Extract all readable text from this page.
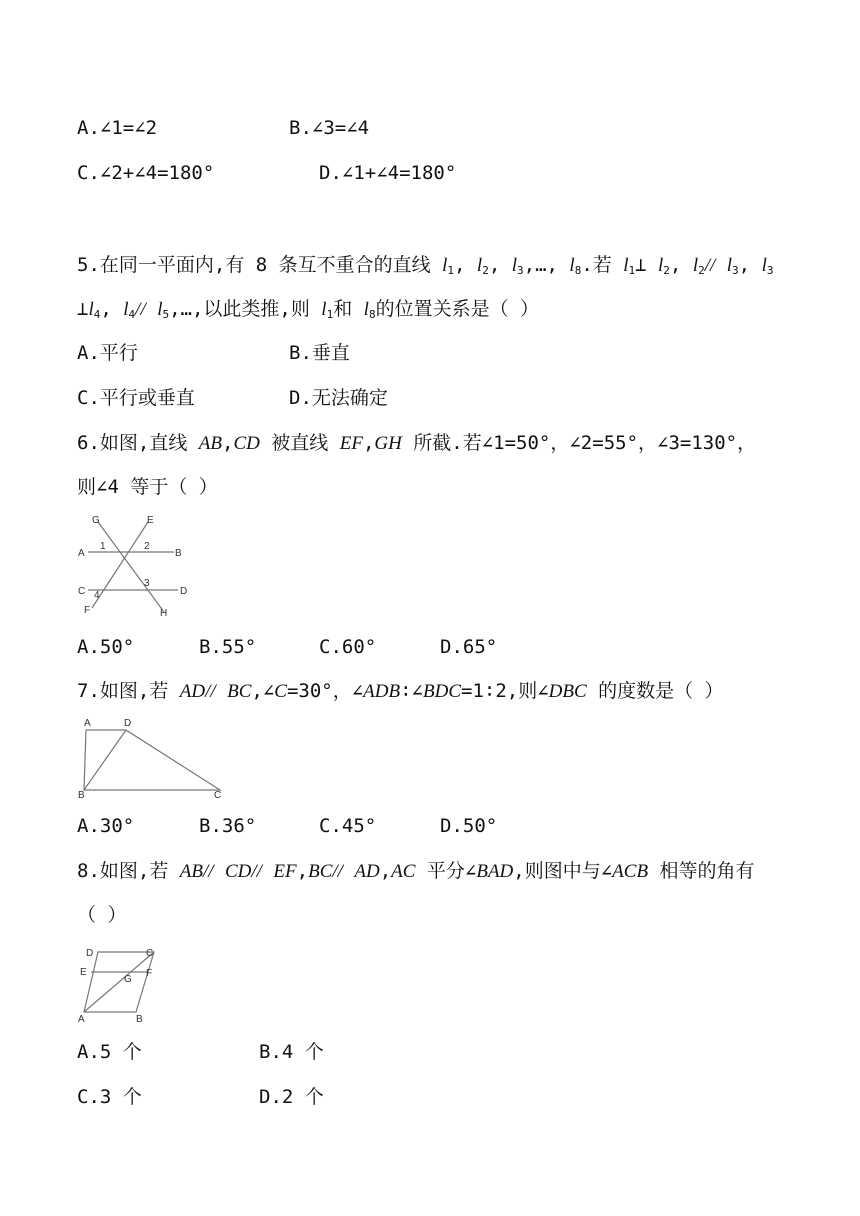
A.∠1=∠2	B.∠3=∠4
C.∠2+∠4=180°	D.∠1+∠4=180°
5.在同一平面内,有 8 条互不重合的直线 $l_1$, $l_2$, $l_3,\dots$, $l_8$.若 $l_1\perp$ $l_2$, $l_2//$ $l_3$, $l_3$
$\perp l_4$, $l_4//$ $l_5,\dots$,以此类推,则 $l_1$和 $l_8$的位置关系是（ ）
A.平行	B.垂直
C.平行或垂直	D.无法确定
6.如图,直线 AB,CD 被直线 EF,GH 所截.若∠1=50°，∠2=55°，∠3=130°，
则∠4 等于（ ）
G	E
1	2
A	B
3
C 4	D
F	H
A.50°	B.55°	C.60°	D.65°
7.如图,若 AD// BC,∠C=30°，∠ADB∶∠BDC=1∶2,则∠DBC 的度数是（ ）
A	D
B	C
A.30°	B.36°	C.45°	D.50°
8.如图,若 AB// CD// EF,BC// AD,AC 平分∠BAD,则图中与∠ACB 相等的角有
（ ）
D	C
E
G
F
A	B
A.5 个	B.4 个
C.3 个	D.2 个
